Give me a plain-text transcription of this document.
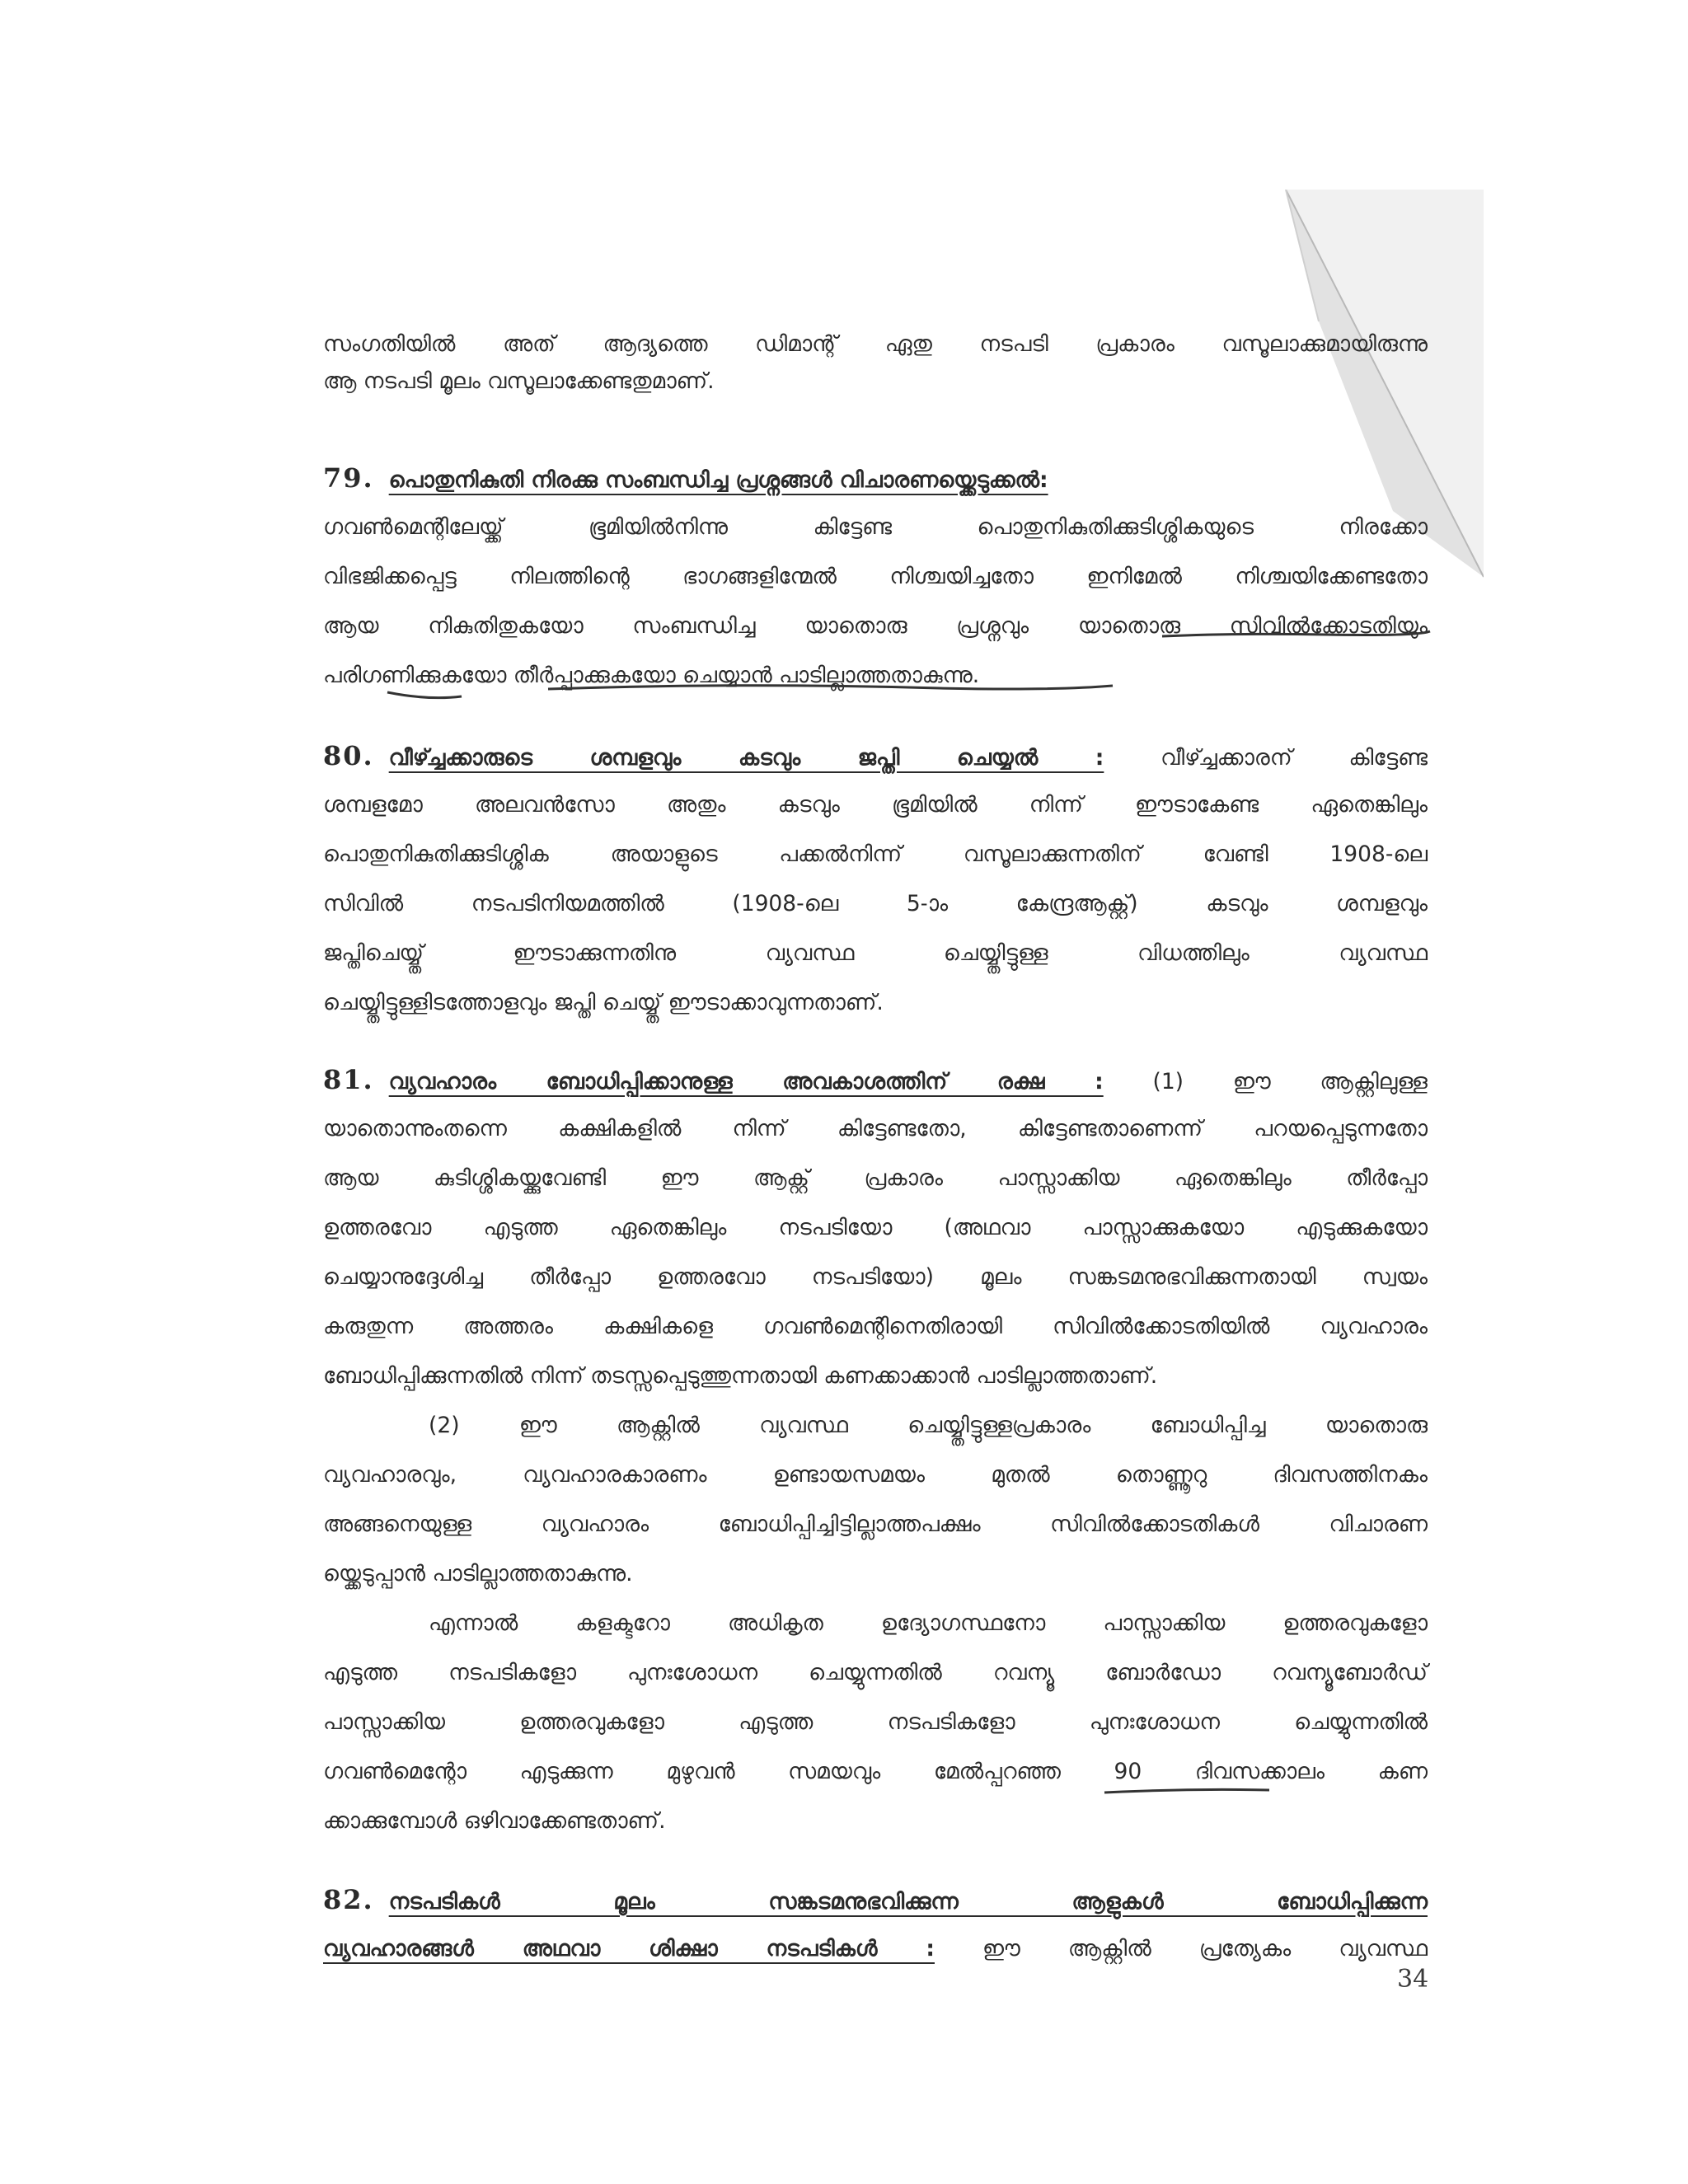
സംഗതിയിൽ അത് ആദ്യത്തെ ഡിമാന്റ് ഏതു നടപടി പ്രകാരം വസൂലാക്കുമായിരുന്നു
ആ നടപടി മൂലം വസൂലാക്കേണ്ടതുമാണ്.
79. പൊതുനികുതി നിരക്കു സംബന്ധിച്ച പ്രശ്നങ്ങൾ വിചാരണയ്ക്കെടുക്കൽ:
ഗവൺമെന്റിലേയ്ക്ക് ഭൂമിയിൽനിന്നു കിട്ടേണ്ട പൊതുനികുതിക്കുടിശ്ശികയുടെ നിരക്കോ
വിഭജിക്കപ്പെട്ട നിലത്തിന്റെ ഭാഗങ്ങളിന്മേൽ നിശ്ചയിച്ചതോ ഇനിമേൽ നിശ്ചയിക്കേണ്ടതോ
ആയ നികുതിതുകയോ സംബന്ധിച്ച യാതൊരു പ്രശ്നവും യാതൊരു സിവിൽക്കോടതിയും
പരിഗണിക്കുകയോ തീർപ്പാക്കുകയോ ചെയ്യാൻ പാടില്ലാത്തതാകുന്നു.
80. വീഴ്ച്ചക്കാരുടെ ശമ്പളവും കടവും ജപ്തി ചെയ്യൽ :	വീഴ്ച്ചക്കാരന് കിട്ടേണ്ട
ശമ്പളമോ അലവൻസോ അതും കടവും ഭൂമിയിൽ നിന്ന് ഈടാകേണ്ട ഏതെങ്കിലും
പൊതുനികുതിക്കുടിശ്ശിക അയാളുടെ പക്കൽനിന്ന് വസൂലാക്കുന്നതിന് വേണ്ടി 1908-ലെ
സിവിൽ നടപടിനിയമത്തിൽ (1908-ലെ 5-ാം കേന്ദ്രആക്റ്റ്) കടവും ശമ്പളവും
ജപ്തിചെയ്യ്ത് ഈടാക്കുന്നതിനു വ്യവസ്ഥ ചെയ്യ്തിട്ടുള്ള വിധത്തിലും വ്യവസ്ഥ
ചെയ്യ്തിട്ടുള്ളിടത്തോളവും ജപ്തി ചെയ്യ്ത് ഈടാക്കാവുന്നതാണ്.
81. വ്യവഹാരം ബോധിപ്പിക്കാനുള്ള അവകാശത്തിന് രക്ഷ : (1) ഈ ആക്റ്റിലുള്ള
യാതൊന്നുംതന്നെ കക്ഷികളിൽ നിന്ന് കിട്ടേണ്ടതോ, കിട്ടേണ്ടതാണെന്ന് പറയപ്പെടുന്നതോ
ആയ കുടിശ്ശികയ്ക്കുവേണ്ടി ഈ ആക്റ്റ് പ്രകാരം പാസ്സാക്കിയ ഏതെങ്കിലും തീർപ്പോ
ഉത്തരവോ എടുത്ത ഏതെങ്കിലും നടപടിയോ (അഥവാ പാസ്സാക്കുകയോ എടുക്കുകയോ
ചെയ്യാനുദ്ദേശിച്ച തീർപ്പോ ഉത്തരവോ നടപടിയോ) മൂലം സങ്കടമനുഭവിക്കുന്നതായി സ്വയം
കരുതുന്ന അത്തരം കക്ഷികളെ ഗവൺമെന്റിനെതിരായി സിവിൽക്കോടതിയിൽ വ്യവഹാരം
ബോധിപ്പിക്കുന്നതിൽ നിന്ന് തടസ്സപ്പെടുത്തുന്നതായി കണക്കാക്കാൻ പാടില്ലാത്തതാണ്.
(2) ഈ ആക്റ്റിൽ വ്യവസ്ഥ ചെയ്യ്തിട്ടുള്ളപ്രകാരം ബോധിപ്പിച്ച യാതൊരു
വ്യവഹാരവും, വ്യവഹാരകാരണം ഉണ്ടായസമയം മുതൽ തൊണ്ണൂറു ദിവസത്തിനകം
അങ്ങനെയുള്ള വ്യവഹാരം ബോധിപ്പിച്ചിട്ടില്ലാത്തപക്ഷം സിവിൽക്കോടതികൾ വിചാരണ
യ്ക്കെടുപ്പാൻ പാടില്ലാത്തതാകുന്നു.
എന്നാൽ കളക്ടറോ അധികൃത ഉദ്യോഗസ്ഥനോ പാസ്സാക്കിയ ഉത്തരവുകളോ
എടുത്ത നടപടികളോ പുനഃശോധന ചെയ്യുന്നതിൽ റവന്യൂ ബോർഡോ റവന്യൂബോർഡ്
പാസ്സാക്കിയ ഉത്തരവുകളോ എടുത്ത നടപടികളോ പുനഃശോധന ചെയ്യുന്നതിൽ
ഗവൺമെന്റോ എടുക്കുന്ന മുഴുവൻ സമയവും മേൽപ്പറഞ്ഞ 90 ദിവസക്കാലം കണ
ക്കാക്കുമ്പോൾ ഒഴിവാക്കേണ്ടതാണ്.
82. നടപടികൾ മൂലം സങ്കടമനുഭവിക്കുന്ന ആളുകൾ ബോധിപ്പിക്കുന്ന
വ്യവഹാരങ്ങൾ അഥവാ ശിക്ഷാ നടപടികൾ : ഈ ആക്റ്റിൽ പ്രത്യേകം വ്യവസ്ഥ
34
